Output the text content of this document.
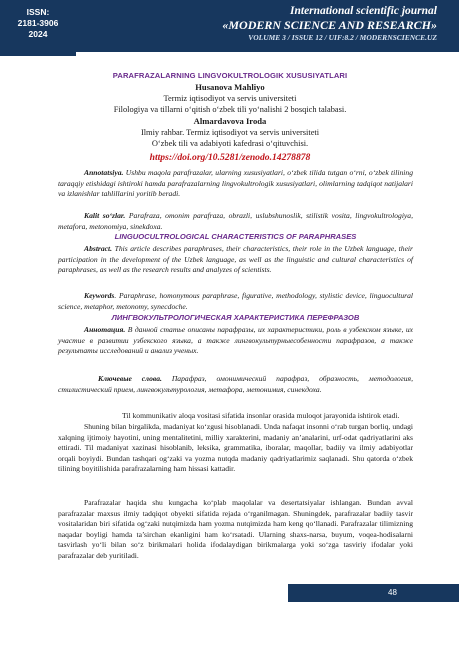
ISSN:
2181-3906
2024
International scientific journal
«MODERN SCIENCE AND RESEARCH»
VOLUME 3 / ISSUE 12 / UIF:8.2 / MODERNSCIENCE.UZ
PARAFRAZALARNING LINGVOKULTROLOGIK XUSUSIYATLARI
Husanova Mahliyo
Termiz iqtisodiyot va servis universiteti
Filologiya va tillarni o‘qitish o‘zbek tili yo‘nalishi 2 bosqich talabasi.
Almardavova Iroda
Ilmiy rahbar. Termiz iqtisodiyot va servis universiteti
O‘zbek tili va adabiyoti kafedrasi o‘qituvchisi.
https://doi.org/10.5281/zenodo.14278878
Annotatsiya. Ushbu maqola parafrazalar, ularning xususiyatlari, o‘zbek tilida tutgan o‘rni, o‘zbek tilining taraqqiy etishidagi ishtiroki hamda parafrazalarning lingvokultrologik xususiyatlari, olimlarning tadqiqot natijalari va izlanishlar tahlillarini yoritib beradi.
Kalit so‘zlar. Parafraza, omonim parafraza, obrazli, uslubshunoslik, stilistik vosita, lingvokultrologiya, metafora, metonomiya, sinekdoxa.
LINGUOCULTROLOGICAL CHARACTERISTICS OF PARAPHRASES
Abstract. This article describes paraphrases, their characteristics, their role in the Uzbek language, their participation in the development of the Uzbek language, as well as the linguistic and cultural characteristics of paraphrases, as well as the research results and analyzes of scientists.
Keywords. Paraphrase, homonymous paraphrase, figurative, methodology, stylistic device, linguocultural science, metaphor, metonomy, synecdoche.
ЛИНГВОКУЛЬТРОЛОГИЧЕСКАЯ ХАРАКТЕРИСТИКА ПЕРЕФРАЗОВ
Аннотация. В данной статье описаны парафразы, их характеристики, роль в узбекском языке, их участие в развитии узбекского языка, а также лингвокультурныесобенности парафразов, а также результаты исследований и анализ ученых.
Ключевые слова. Парафраз, омонимический парафраз, образность, методология, стилистический прием, лингвокультурология, метафора, метонимия, синекдоха.
Til kommunikativ aloqa vositasi sifatida insonlar orasida muloqot jarayonida ishtirok etadi.
Shuning bilan birgalikda, madaniyat ko‘zgusi hisoblanadi. Unda nafaqat insonni o‘rab turgan borliq, undagi xalqning ijtimoiy hayotini, uning mentalitetini, milliy xarakterini, madaniy an’analarini, urf-odat qadriyatlarini aks ettiradi. Til madaniyat xazinasi hisoblanib, leksika, grammatika, iboralar, maqollar, badiiy va ilmiy adabiyotlar orqali boyiydi. Bundan tashqari og‘zaki va yozma nutqda madaniy qadriyatlarimiz saqlanadi. Shu qatorda o‘zbek tilining boyitilishida parafrazalarning ham hissasi kattadir.
Parafrazalar haqida shu kungacha ko‘plab maqolalar va desertatsiyalar ishlangan. Bundan avval parafrazalar maxsus ilmiy tadqiqot obyekti sifatida rejada o‘rganilmagan. Shuningdek, parafrazalar badiiy tasvir vositalaridan biri sifatida og‘zaki nutqimizda ham yozma nutqimizda ham keng qo‘llanadi. Parafrazalar tilimizning naqadar boyligi hamda ta’sirchan ekanligini ham ko‘rsatadi. Ularning shaxs-narsa, buyum, voqea-hodisalarni tasvirlash yo‘li bilan so‘z birikmalari holida ifodalaydigan birikmalarga yoki so‘zga tasviriy ifodalar yoki parafrazalar deb yuritiladi.
48
